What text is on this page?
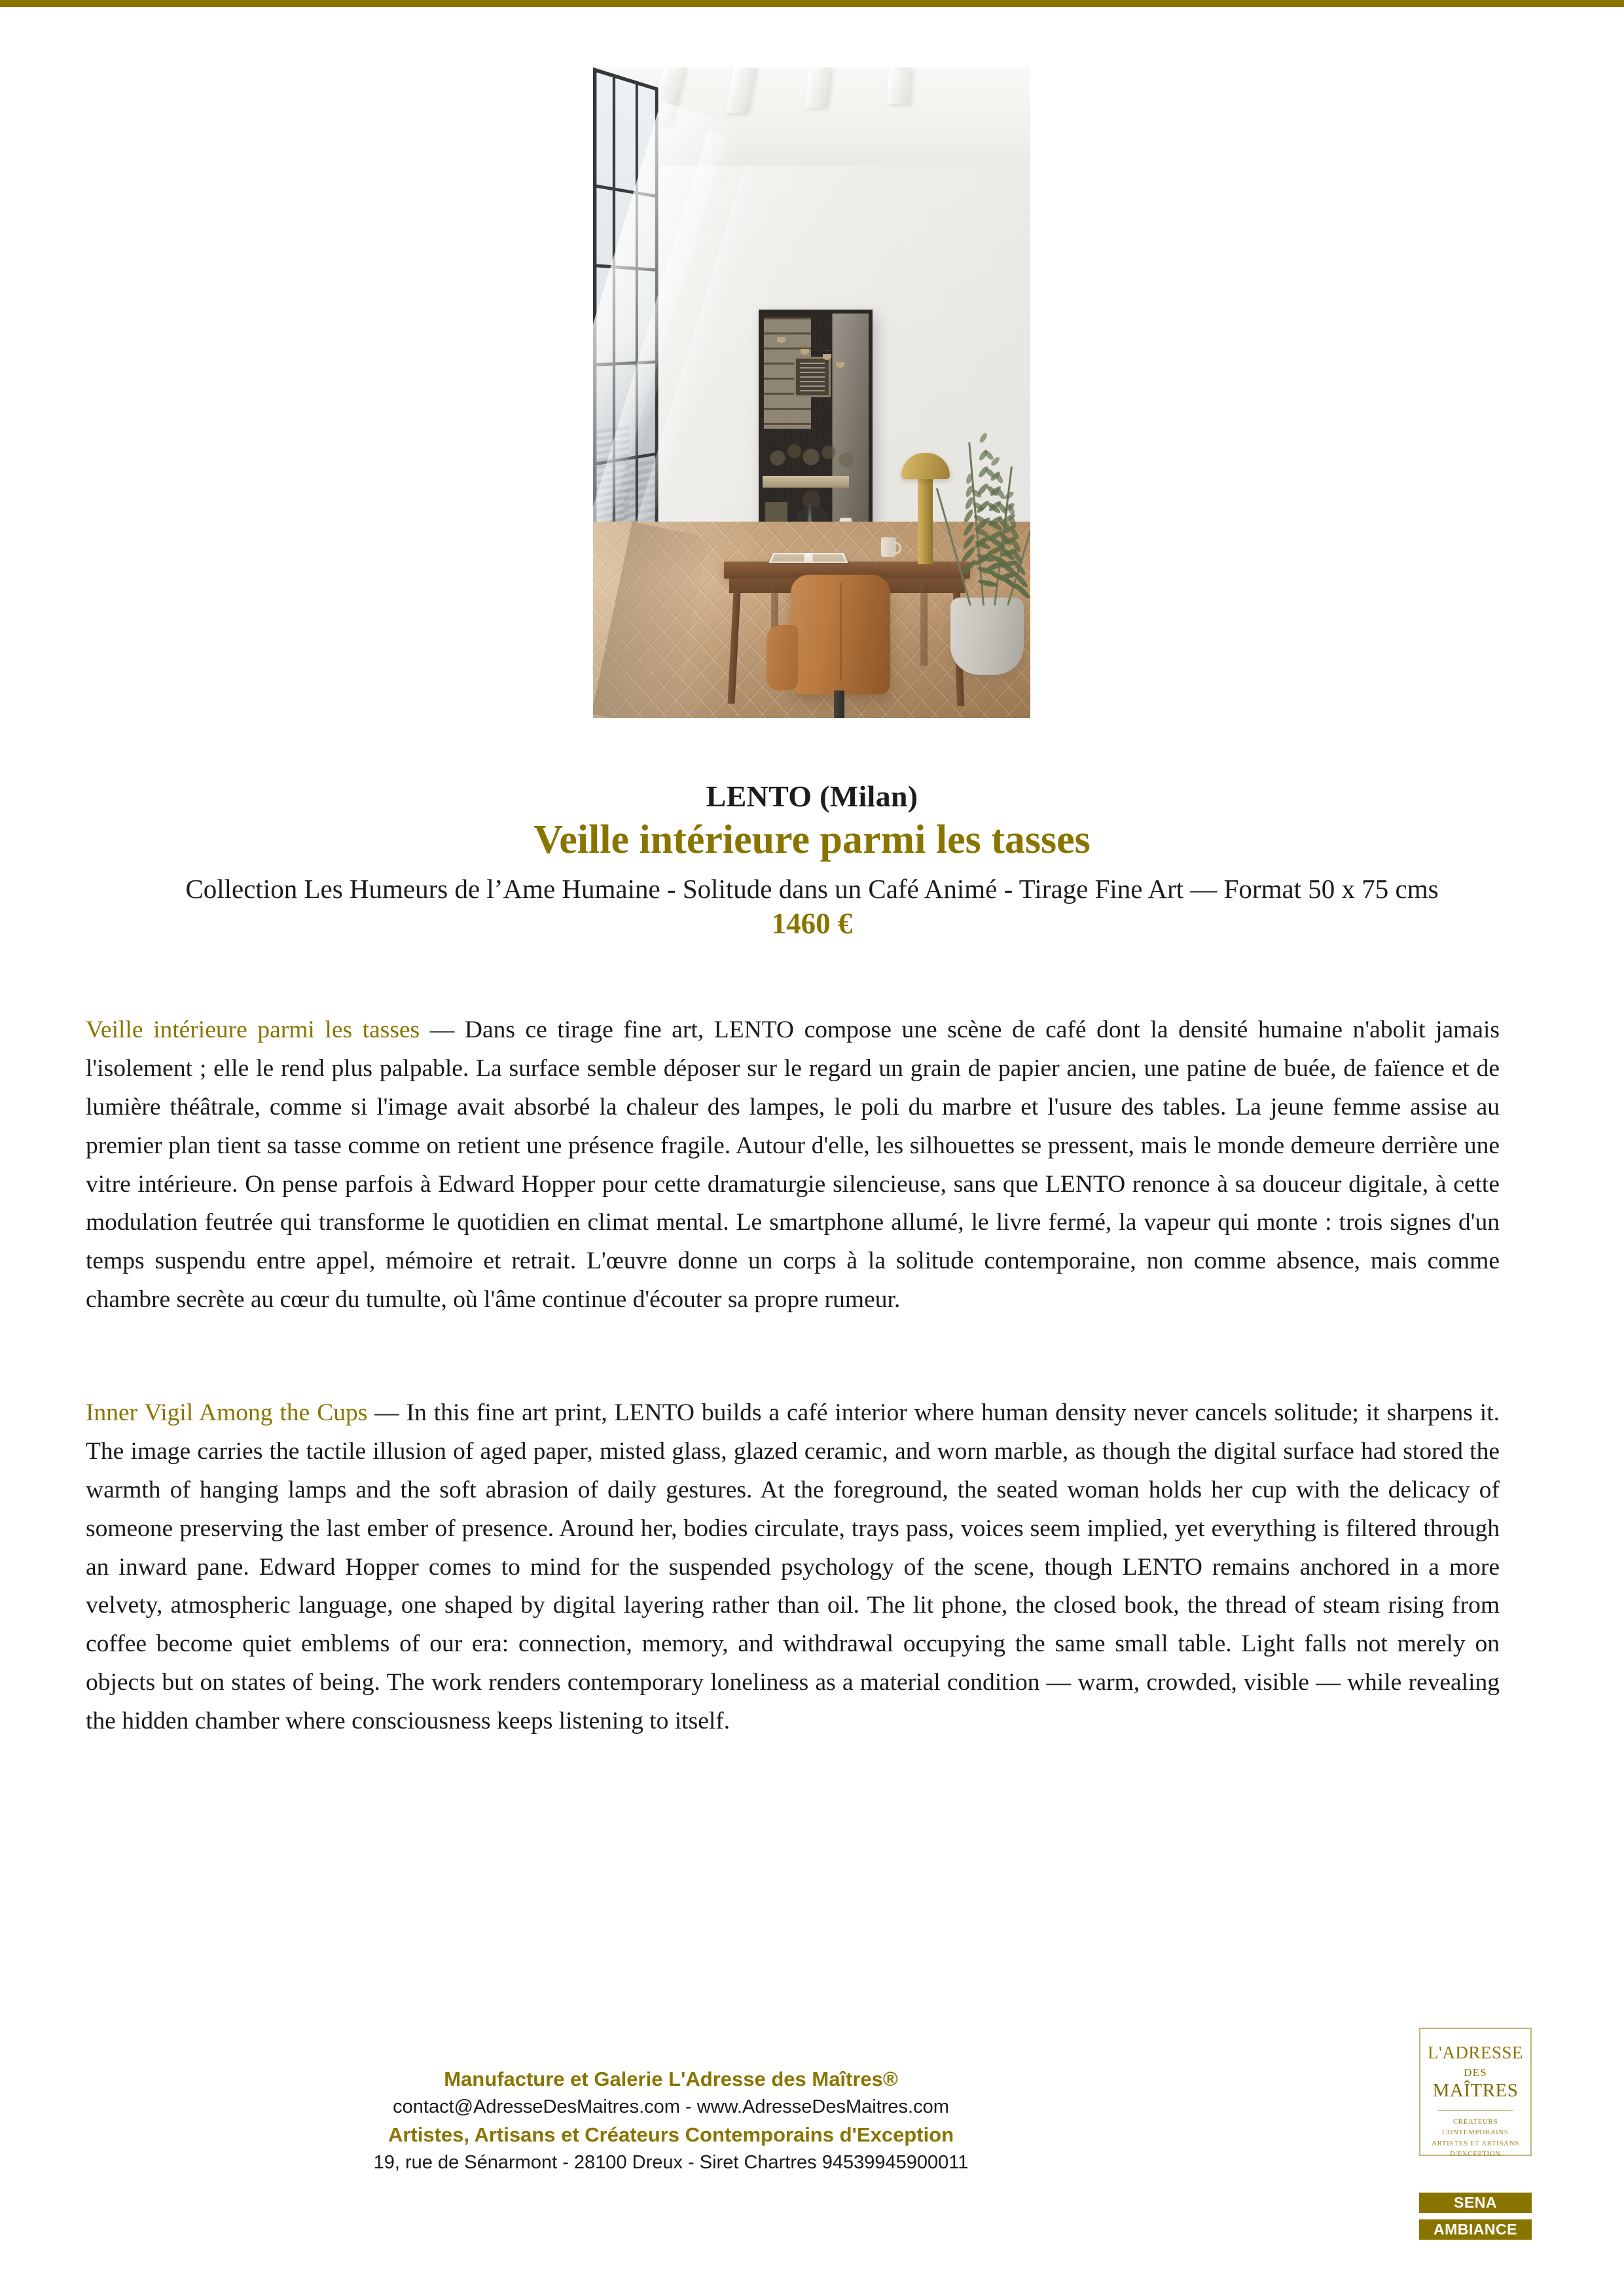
LENTO (Milan)
Veille intérieure parmi les tasses
Collection Les Humeurs de l’Ame Humaine - Solitude dans un Café Animé - Tirage Fine Art — Format 50 x 75 cms
1460 €

Veille intérieure parmi les tasses — Dans ce tirage fine art, LENTO compose une scène de café dont la densité humaine n'abolit jamais l'isolement ; elle le rend plus palpable. La surface semble déposer sur le regard un grain de papier ancien, une patine de buée, de faïence et de lumière théâtrale, comme si l'image avait absorbé la chaleur des lampes, le poli du marbre et l'usure des tables. La jeune femme assise au premier plan tient sa tasse comme on retient une présence fragile. Autour d'elle, les silhouettes se pressent, mais le monde demeure derrière une vitre intérieure. On pense parfois à Edward Hopper pour cette dramaturgie silencieuse, sans que LENTO renonce à sa douceur digitale, à cette modulation feutrée qui transforme le quotidien en climat mental. Le smartphone allumé, le livre fermé, la vapeur qui monte : trois signes d'un temps suspendu entre appel, mémoire et retrait. L'œuvre donne un corps à la solitude contemporaine, non comme absence, mais comme chambre secrète au cœur du tumulte, où l'âme continue d'écouter sa propre rumeur.

Inner Vigil Among the Cups — In this fine art print, LENTO builds a café interior where human density never cancels solitude; it sharpens it. The image carries the tactile illusion of aged paper, misted glass, glazed ceramic, and worn marble, as though the digital surface had stored the warmth of hanging lamps and the soft abrasion of daily gestures. At the foreground, the seated woman holds her cup with the delicacy of someone preserving the last ember of presence. Around her, bodies circulate, trays pass, voices seem implied, yet everything is filtered through an inward pane. Edward Hopper comes to mind for the suspended psychology of the scene, though LENTO remains anchored in a more velvety, atmospheric language, one shaped by digital layering rather than oil. The lit phone, the closed book, the thread of steam rising from coffee become quiet emblems of our era: connection, memory, and withdrawal occupying the same small table. Light falls not merely on objects but on states of being. The work renders contemporary loneliness as a material condition — warm, crowded, visible — while revealing the hidden chamber where consciousness keeps listening to itself.

Manufacture et Galerie L'Adresse des Maîtres®
contact@AdresseDesMaitres.com - www.AdresseDesMaitres.com
Artistes, Artisans et Créateurs Contemporains d'Exception
19, rue de Sénarmont - 28100 Dreux - Siret Chartres 94539945900011
L'ADRESSE
DES
MAÎTRES
CRÉATEURS CONTEMPORAINS
ARTISTES ET ARTISANS
D'EXCEPTION
SENA
AMBIANCE
